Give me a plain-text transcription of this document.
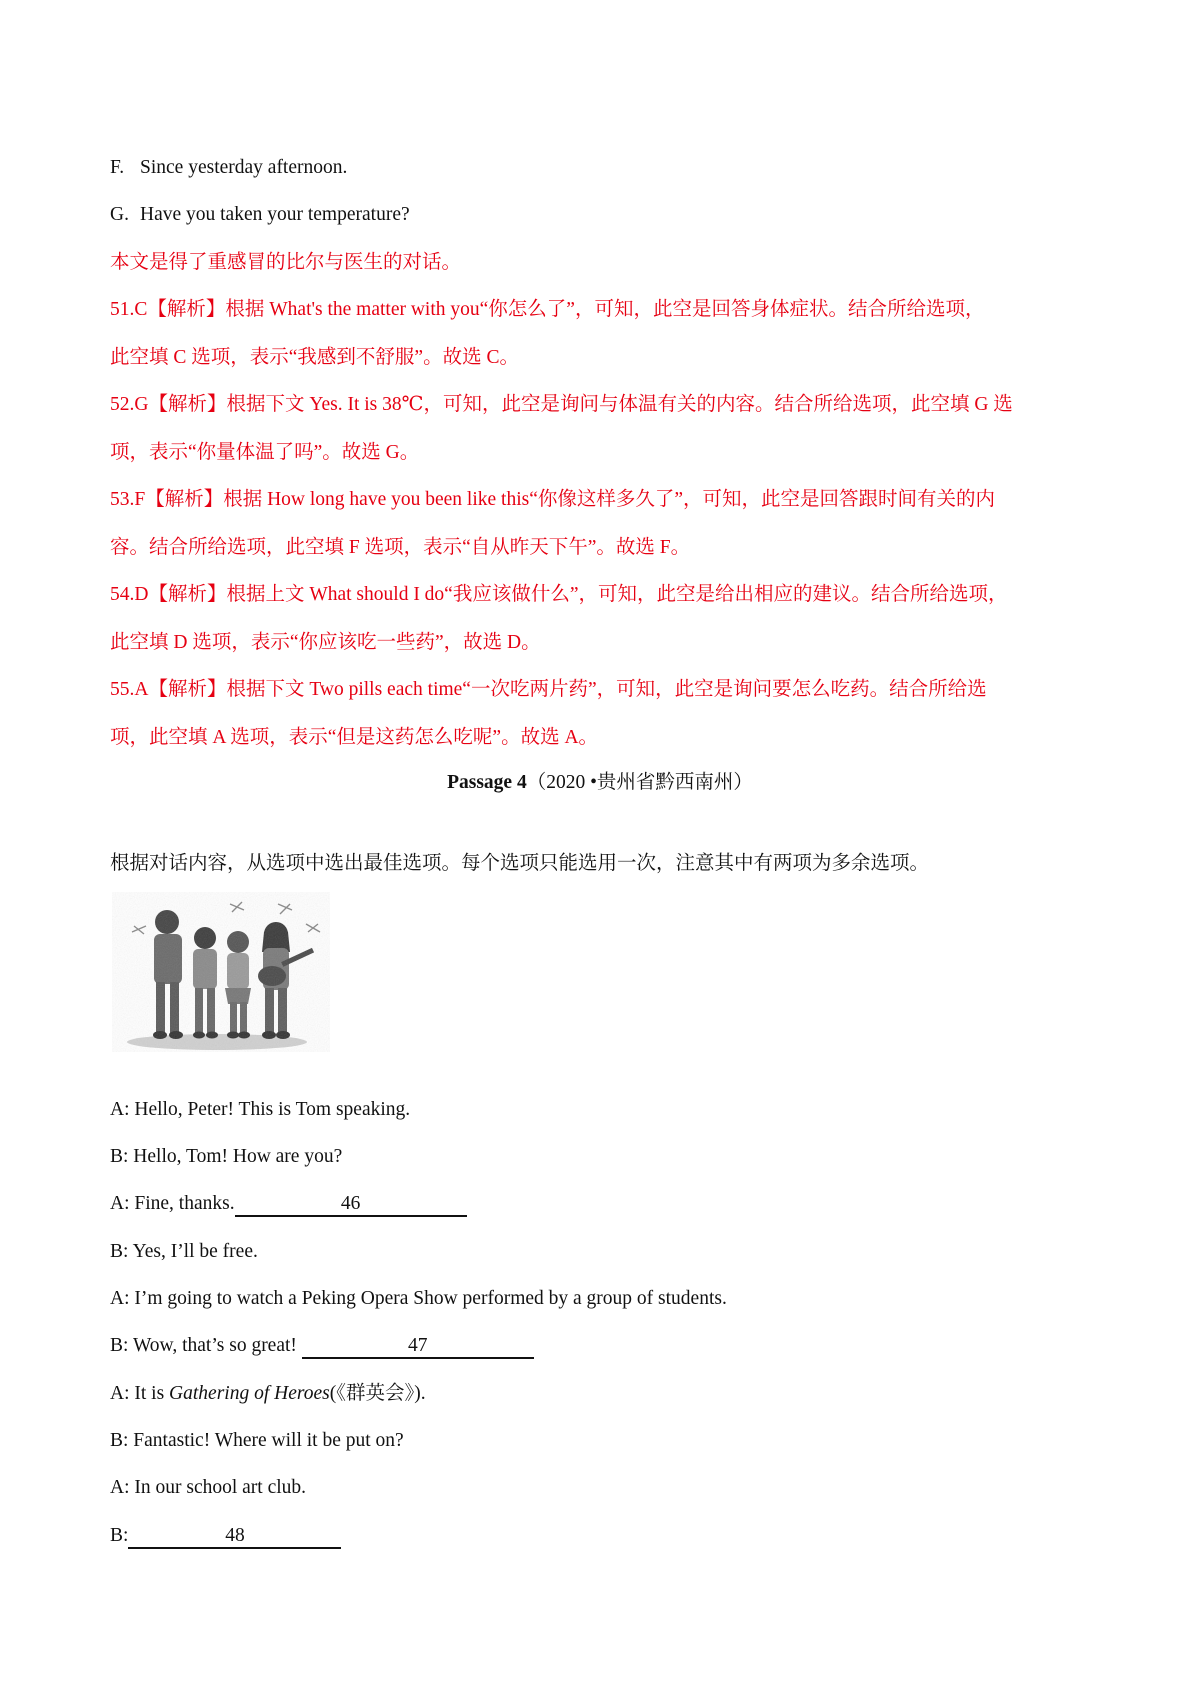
F. Since yesterday afternoon.
G. Have you taken your temperature?
本文是得了重感冒的比尔与医生的对话。
51.C【解析】根据 What's the matter with you“你怎么了”，可知，此空是回答身体症状。结合所给选项，
此空填 C 选项，表示“我感到不舒服”。故选 C。
52.G【解析】根据下文 Yes. It is 38℃，可知，此空是询问与体温有关的内容。结合所给选项，此空填 G 选
项，表示“你量体温了吗”。故选 G。
53.F【解析】根据 How long have you been like this“你像这样多久了”，可知，此空是回答跟时间有关的内
容。结合所给选项，此空填 F 选项，表示“自从昨天下午”。故选 F。
54.D【解析】根据上文 What should I do“我应该做什么”，可知，此空是给出相应的建议。结合所给选项，
此空填 D 选项，表示“你应该吃一些药”，故选 D。
55.A【解析】根据下文 Two pills each time“一次吃两片药”，可知，此空是询问要怎么吃药。结合所给选
项，此空填 A 选项，表示“但是这药怎么吃呢”。故选 A。
Passage 4（2020 •贵州省黔西南州）
根据对话内容，从选项中选出最佳选项。每个选项只能选用一次，注意其中有两项为多余选项。
A: Hello, Peter! This is Tom speaking.
B: Hello, Tom! How are you?
A: Fine, thanks.	46
B: Yes, I’ll be free.
A: I’m going to watch a Peking Opera Show performed by a group of students.
B: Wow, that’s so great!	47
A: It is Gathering of Heroes(《群英会》).
B: Fantastic! Where will it be put on?
A: In our school art club.
B:	48
